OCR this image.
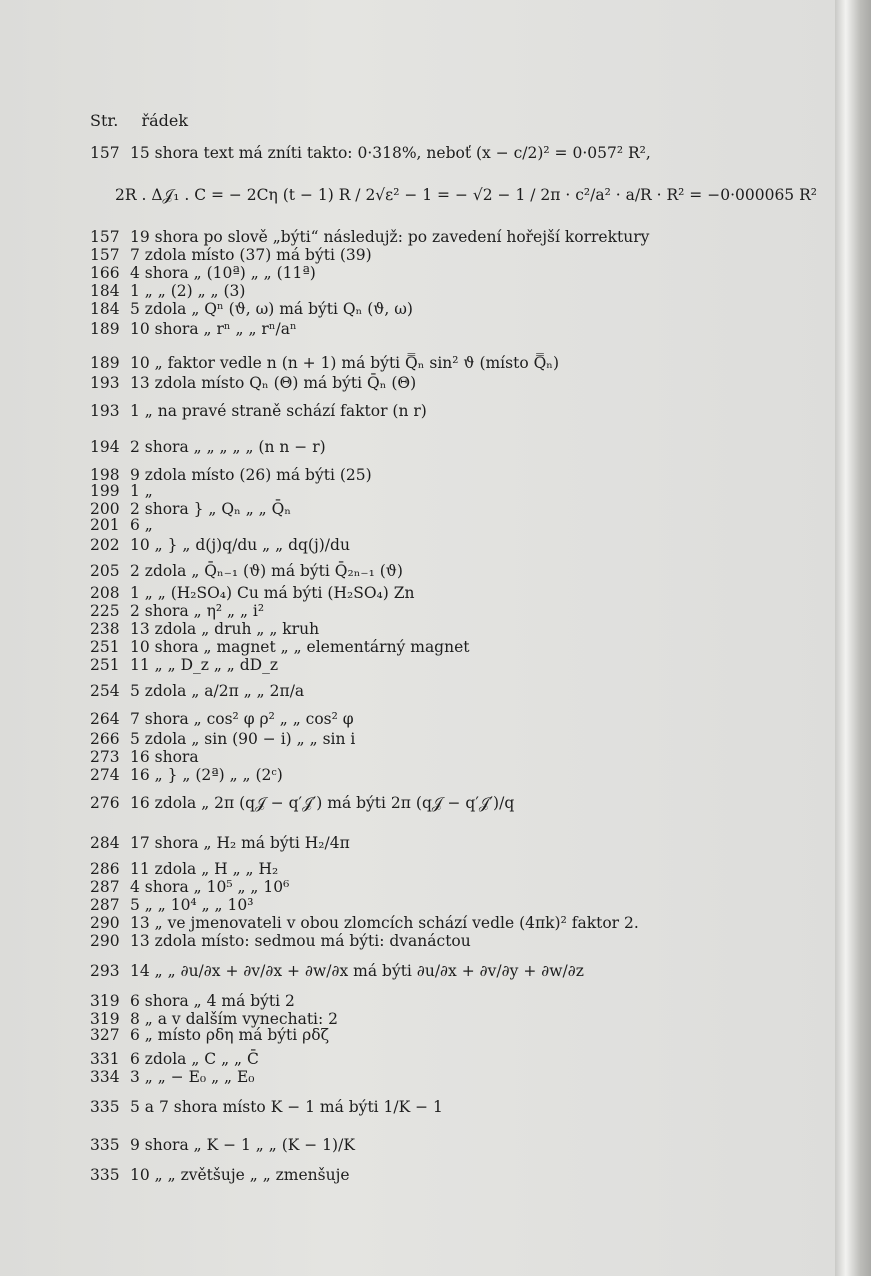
Str. řádek
157 15 shora text má zníti takto: 0·318%, neboť (x − c/2)² = 0·057² R²,
2R . Δ𝒥₁ . C = − 2Cη (t − 1) R / 2√ε² − 1 = − √2 − 1 / 2π · c²/a² · a/R · R² = −0·000065 R²
157 19 shora po slově „býti“ následujž: po zavedení hořejší korrektury
157 7 zdola místo (37) má býti (39)
166 4 shora „ (10ª) „ „ (11ª)
184 1 „ „ (2) „ „ (3)
184 5 zdola „ Qⁿ (ϑ, ω) má býti Qₙ (ϑ, ω)
189 10 shora „ rⁿ „ „ rⁿ/aⁿ
189 10 „ faktor vedle n (n + 1) má býti Q̿ₙ sin² ϑ (místo Q̿ₙ)
193 13 zdola místo Qₙ (Θ) má býti Q̄ₙ (Θ)
193 1 „ na pravé straně schází faktor (n r)
194 2 shora „ „ „ „ „ (n n − r)
198 9 zdola místo (26) má býti (25)
199 1 „
200 2 shora } „ Qₙ „ „ Q̄ₙ
201 6 „
202 10 „ } „ d(j)q/du „ „ dq(j)/du
205 2 zdola „ Q̄ₙ₋₁ (ϑ) má býti Q̄₂ₙ₋₁ (ϑ)
208 1 „ „ (H₂SO₄) Cu má býti (H₂SO₄) Zn
225 2 shora „ η² „ „ i²
238 13 zdola „ druh „ „ kruh
251 10 shora „ magnet „ „ elementárný magnet
251 11 „ „ D_z „ „ dD_z
254 5 zdola „ a/2π „ „ 2π/a
264 7 shora „ cos² φ ρ² „ „ cos² φ
266 5 zdola „ sin (90 − i) „ „ sin i
273 16 shora
274 16 „ } „ (2ª) „ „ (2ᶜ)
276 16 zdola „ 2π (q𝒥 − q′𝒥′) má býti 2π (q𝒥 − q′𝒥′)/q
284 17 shora „ H₂ má býti H₂/4π
286 11 zdola „ H „ „ H₂
287 4 shora „ 10⁵ „ „ 10⁶
287 5 „ „ 10⁴ „ „ 10³
290 13 „ ve jmenovateli v obou zlomcích schází vedle (4πk)² faktor 2.
290 13 zdola místo: sedmou má býti: dvanáctou
293 14 „ „ ∂u/∂x + ∂v/∂x + ∂w/∂x má býti ∂u/∂x + ∂v/∂y + ∂w/∂z
319 6 shora „ 4 má býti 2
319 8 „ a v dalším vynechati: 2
327 6 „ místo ρδη má býti ρδζ
331 6 zdola „ C „ „ C̄
334 3 „ „ − E₀ „ „ E₀
335 5 a 7 shora místo K − 1 má býti 1/K − 1
335 9 shora „ K − 1 „ „ (K − 1)/K
335 10 „ „ zvětšuje „ „ zmenšuje
